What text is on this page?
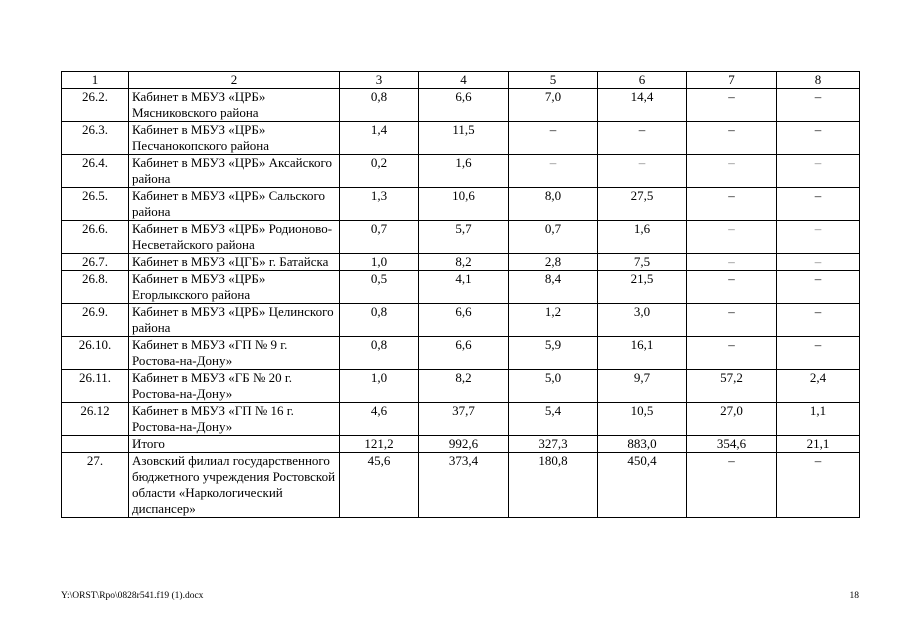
1	2	3	4	5	6	7	8
26.2.	Кабинет в МБУЗ «ЦРБ» Мясниковского района	0,8	6,6	7,0	14,4	–	–
26.3.	Кабинет в МБУЗ «ЦРБ» Песчанокопского района	1,4	11,5	–	–	–	–
26.4.	Кабинет в МБУЗ «ЦРБ» Аксайского района	0,2	1,6	–	–	–	–
26.5.	Кабинет в МБУЗ «ЦРБ» Сальского района	1,3	10,6	8,0	27,5	–	–
26.6.	Кабинет в МБУЗ «ЦРБ» Родионово-Несветайского района	0,7	5,7	0,7	1,6	–	–
26.7.	Кабинет в МБУЗ «ЦГБ» г. Батайска	1,0	8,2	2,8	7,5	–	–
26.8.	Кабинет в МБУЗ «ЦРБ» Егорлыкского района	0,5	4,1	8,4	21,5	–	–
26.9.	Кабинет в МБУЗ «ЦРБ» Целинского района	0,8	6,6	1,2	3,0	–	–
26.10.	Кабинет в МБУЗ «ГП № 9 г. Ростова-на-Дону»	0,8	6,6	5,9	16,1	–	–
26.11.	Кабинет в МБУЗ «ГБ № 20 г. Ростова-на-Дону»	1,0	8,2	5,0	9,7	57,2	2,4
26.12	Кабинет в МБУЗ «ГП № 16 г. Ростова-на-Дону»	4,6	37,7	5,4	10,5	27,0	1,1
	Итого	121,2	992,6	327,3	883,0	354,6	21,1
27.	Азовский филиал государственного бюджетного учреждения Ростовской области «Наркологический диспансер»	45,6	373,4	180,8	450,4	–	–
Y:\ORST\Rpo\0828r541.f19 (1).docx	18
